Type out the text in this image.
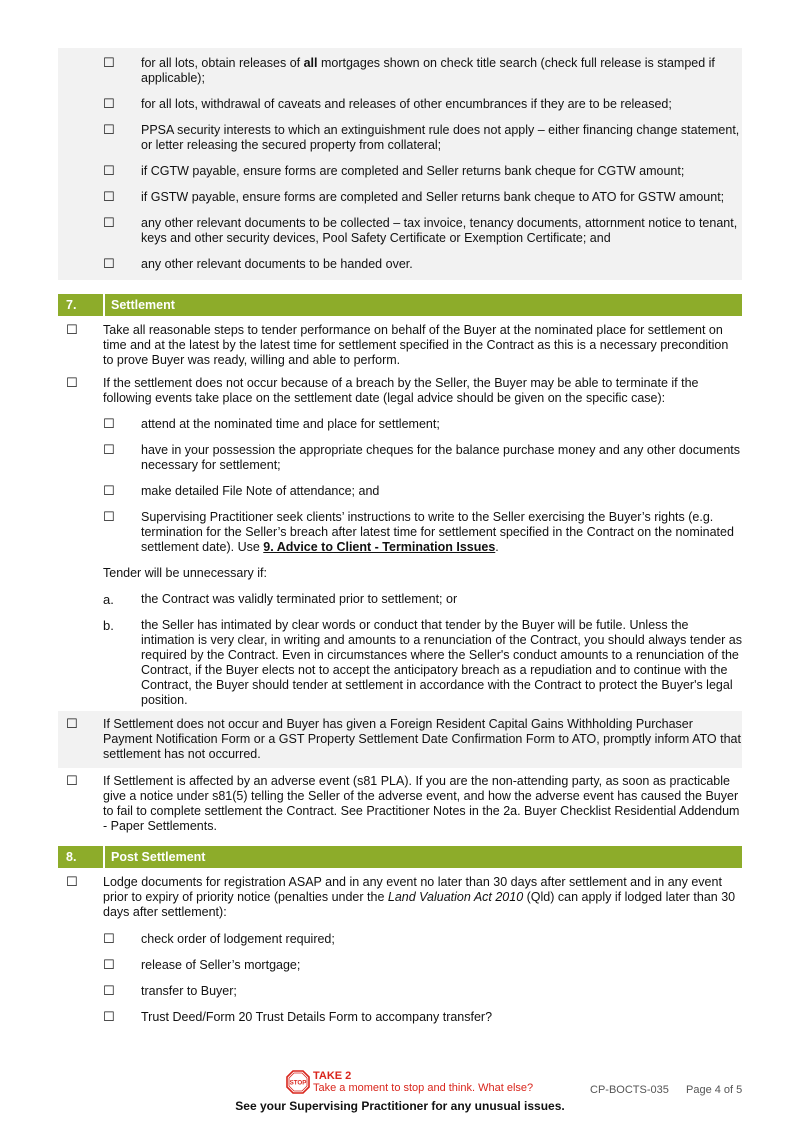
☐	for all lots, obtain releases of all mortgages shown on check title search (check full release is stamped if applicable);
☐	for all lots, withdrawal of caveats and releases of other encumbrances if they are to be released;
☐	PPSA security interests to which an extinguishment rule does not apply – either financing change statement, or letter releasing the secured property from collateral;
☐	if CGTW payable, ensure forms are completed and Seller returns bank cheque for CGTW amount;
☐	if GSTW payable, ensure forms are completed and Seller returns bank cheque to ATO for GSTW amount;
☐	any other relevant documents to be collected – tax invoice, tenancy documents, attornment notice to tenant, keys and other security devices, Pool Safety Certificate or Exemption Certificate; and
☐	any other relevant documents to be handed over.
7.	Settlement
☐	Take all reasonable steps to tender performance on behalf of the Buyer at the nominated place for settlement on time and at the latest by the latest time for settlement specified in the Contract as this is a necessary precondition to prove Buyer was ready, willing and able to perform.
☐	If the settlement does not occur because of a breach by the Seller, the Buyer may be able to terminate if the following events take place on the settlement date (legal advice should be given on the specific case):
☐	attend at the nominated time and place for settlement;
☐	have in your possession the appropriate cheques for the balance purchase money and any other documents necessary for settlement;
☐	make detailed File Note of attendance; and
☐	Supervising Practitioner seek clients’ instructions to write to the Seller exercising the Buyer’s rights (e.g. termination for the Seller’s breach after latest time for settlement specified in the Contract on the nominated settlement date). Use 9. Advice to Client - Termination Issues.
Tender will be unnecessary if:
a.	the Contract was validly terminated prior to settlement; or
b.	the Seller has intimated by clear words or conduct that tender by the Buyer will be futile. Unless the intimation is very clear, in writing and amounts to a renunciation of the Contract, you should always tender as required by the Contract. Even in circumstances where the Seller's conduct amounts to a renunciation of the Contract, if the Buyer elects not to accept the anticipatory breach as a repudiation and to continue with the Contract, the Buyer should tender at settlement in accordance with the Contract to protect the Buyer's legal position.
☐	If Settlement does not occur and Buyer has given a Foreign Resident Capital Gains Withholding Purchaser Payment Notification Form or a GST Property Settlement Date Confirmation Form to ATO, promptly inform ATO that settlement has not occurred.
☐	If Settlement is affected by an adverse event (s81 PLA). If you are the non-attending party, as soon as practicable give a notice under s81(5) telling the Seller of the adverse event, and how the adverse event has caused the Buyer to fail to complete settlement the Contract. See Practitioner Notes in the 2a. Buyer Checklist Residential Addendum - Paper Settlements.
8.	Post Settlement
☐	Lodge documents for registration ASAP and in any event no later than 30 days after settlement and in any event prior to expiry of priority notice (penalties under the Land Valuation Act 2010 (Qld) can apply if lodged later than 30 days after settlement):
☐	check order of lodgement required;
☐	release of Seller’s mortgage;
☐	transfer to Buyer;
☐	Trust Deed/Form 20 Trust Details Form to accompany transfer?
STOP
TAKE 2
Take a moment to stop and think. What else?	CP-BOCTS-035 Page 4 of 5
See your Supervising Practitioner for any unusual issues.
